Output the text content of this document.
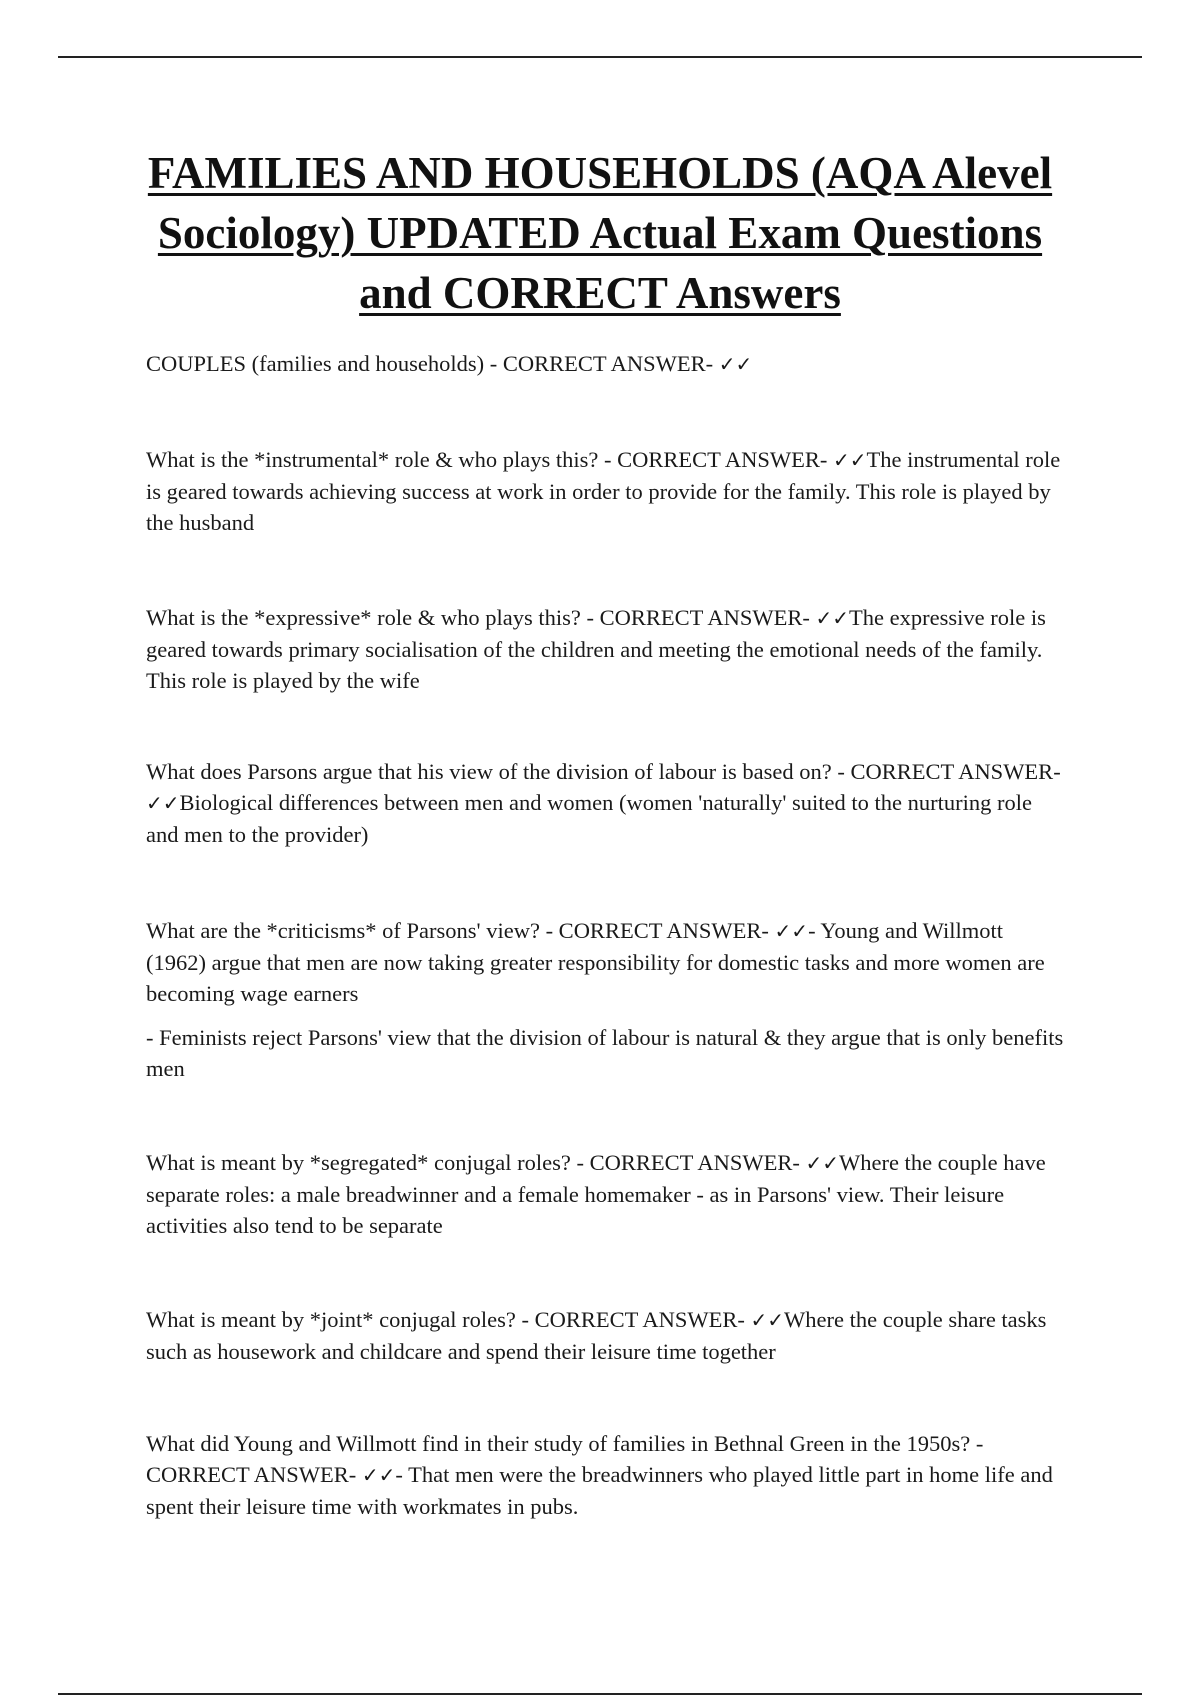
FAMILIES AND HOUSEHOLDS (AQA Alevel Sociology) UPDATED Actual Exam Questions and CORRECT Answers

COUPLES (families and households) - CORRECT ANSWER- ✓✓

What is the *instrumental* role & who plays this? - CORRECT ANSWER- ✓✓The instrumental role is geared towards achieving success at work in order to provide for the family. This role is played by the husband

What is the *expressive* role & who plays this? - CORRECT ANSWER- ✓✓The expressive role is geared towards primary socialisation of the children and meeting the emotional needs of the family. This role is played by the wife

What does Parsons argue that his view of the division of labour is based on? - CORRECT ANSWER- ✓✓Biological differences between men and women (women 'naturally' suited to the nurturing role and men to the provider)

What are the *criticisms* of Parsons' view? - CORRECT ANSWER- ✓✓- Young and Willmott (1962) argue that men are now taking greater responsibility for domestic tasks and more women are becoming wage earners

- Feminists reject Parsons' view that the division of labour is natural & they argue that is only benefits men

What is meant by *segregated* conjugal roles? - CORRECT ANSWER- ✓✓Where the couple have separate roles: a male breadwinner and a female homemaker - as in Parsons' view. Their leisure activities also tend to be separate

What is meant by *joint* conjugal roles? - CORRECT ANSWER- ✓✓Where the couple share tasks such as housework and childcare and spend their leisure time together

What did Young and Willmott find in their study of families in Bethnal Green in the 1950s? - CORRECT ANSWER- ✓✓- That men were the breadwinners who played little part in home life and spent their leisure time with workmates in pubs.
